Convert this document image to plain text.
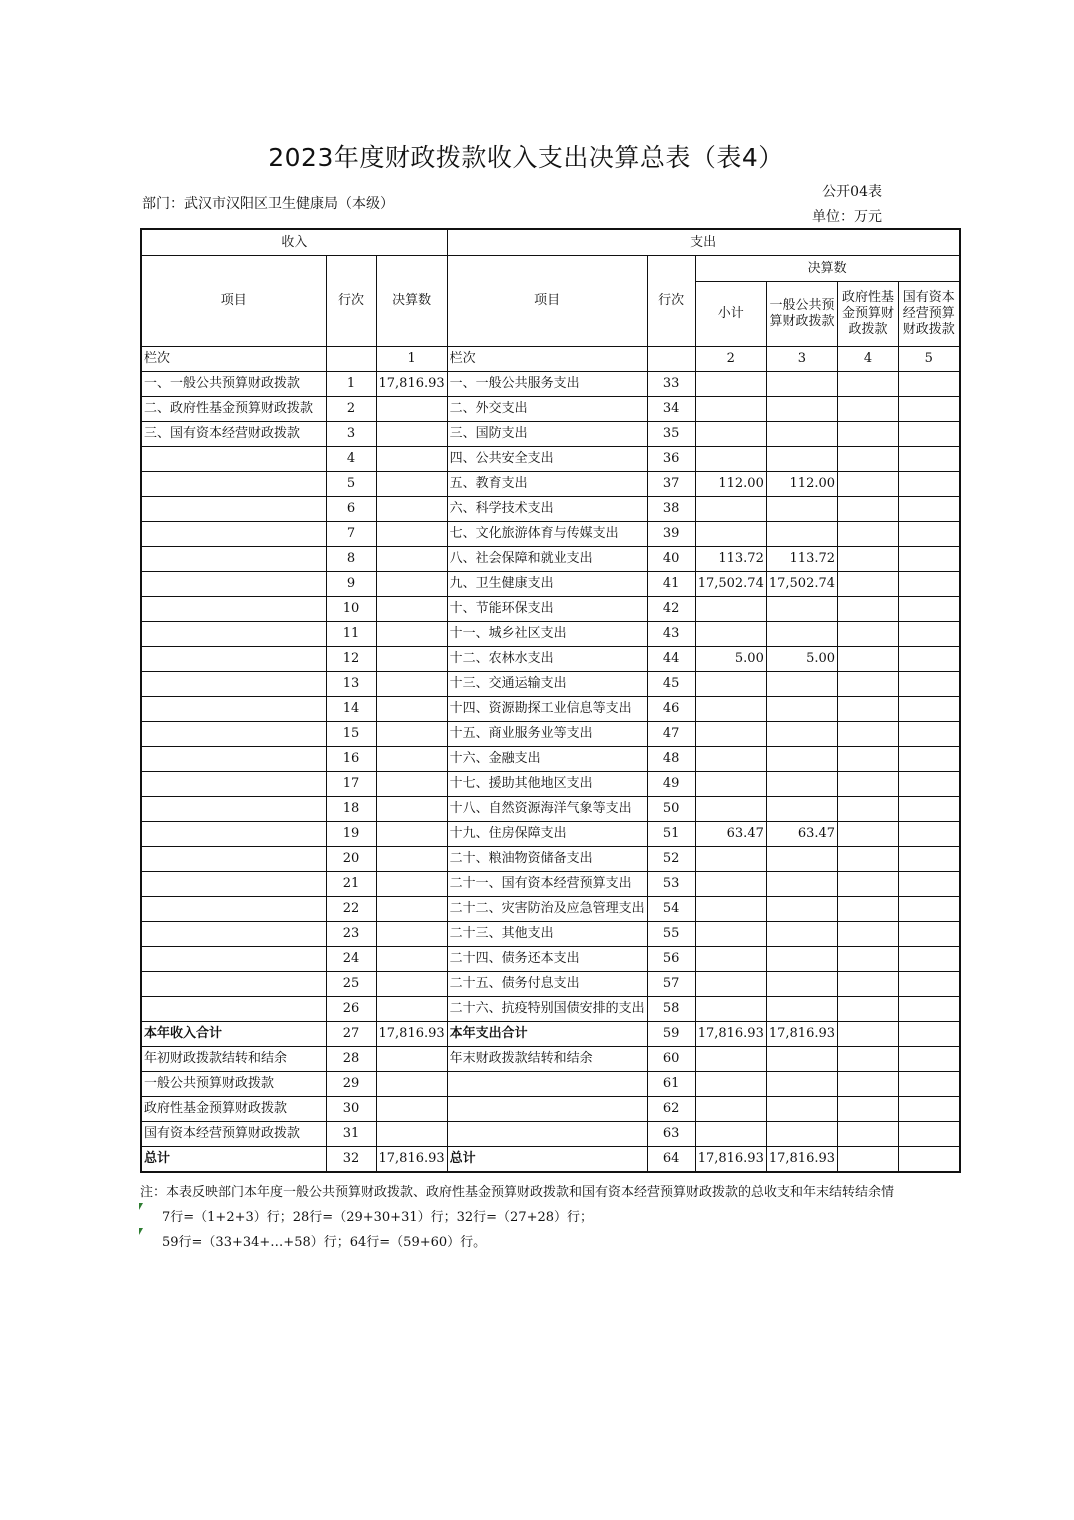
2023年度财政拨款收入支出决算总表（表4）
部门：武汉市汉阳区卫生健康局（本级）
公开04表
单位：万元
收入			支出					
项目	行次	决算数	项目	行次	决算数			
					小计	一般公共预算财政拨款	政府性基金预算财政拨款	国有资本经营预算财政拨款
栏次		1	栏次		2	3	4	5
一、一般公共预算财政拨款	1	17,816.93	一、一般公共服务支出	33				
二、政府性基金预算财政拨款	2		二、外交支出	34				
三、国有资本经营财政拨款	3		三、国防支出	35				
	4		四、公共安全支出	36				
	5		五、教育支出	37	112.00	112.00		
	6		六、科学技术支出	38				
	7		七、文化旅游体育与传媒支出	39				
	8		八、社会保障和就业支出	40	113.72	113.72		
	9		九、卫生健康支出	41	17,502.74	17,502.74		
	10		十、节能环保支出	42				
	11		十一、城乡社区支出	43				
	12		十二、农林水支出	44	5.00	5.00		
	13		十三、交通运输支出	45				
	14		十四、资源勘探工业信息等支出	46				
	15		十五、商业服务业等支出	47				
	16		十六、金融支出	48				
	17		十七、援助其他地区支出	49				
	18		十八、自然资源海洋气象等支出	50				
	19		十九、住房保障支出	51	63.47	63.47		
	20		二十、粮油物资储备支出	52				
	21		二十一、国有资本经营预算支出	53				
	22		二十二、灾害防治及应急管理支出	54				
	23		二十三、其他支出	55				
	24		二十四、债务还本支出	56				
	25		二十五、债务付息支出	57				
	26		二十六、抗疫特别国债安排的支出	58				
本年收入合计	27	17,816.93	本年支出合计	59	17,816.93	17,816.93		
年初财政拨款结转和结余	28		年末财政拨款结转和结余	60				
一般公共预算财政拨款	29			61				
政府性基金预算财政拨款	30			62				
国有资本经营预算财政拨款	31			63				
总计	32	17,816.93	总计	64	17,816.93	17,816.93		
注：本表反映部门本年度一般公共预算财政拨款、政府性基金预算财政拨款和国有资本经营预算财政拨款的总收支和年末结转结余情
7行=（1+2+3）行；28行=（29+30+31）行；32行=（27+28）行；
59行=（33+34+…+58）行；64行=（59+60）行。
